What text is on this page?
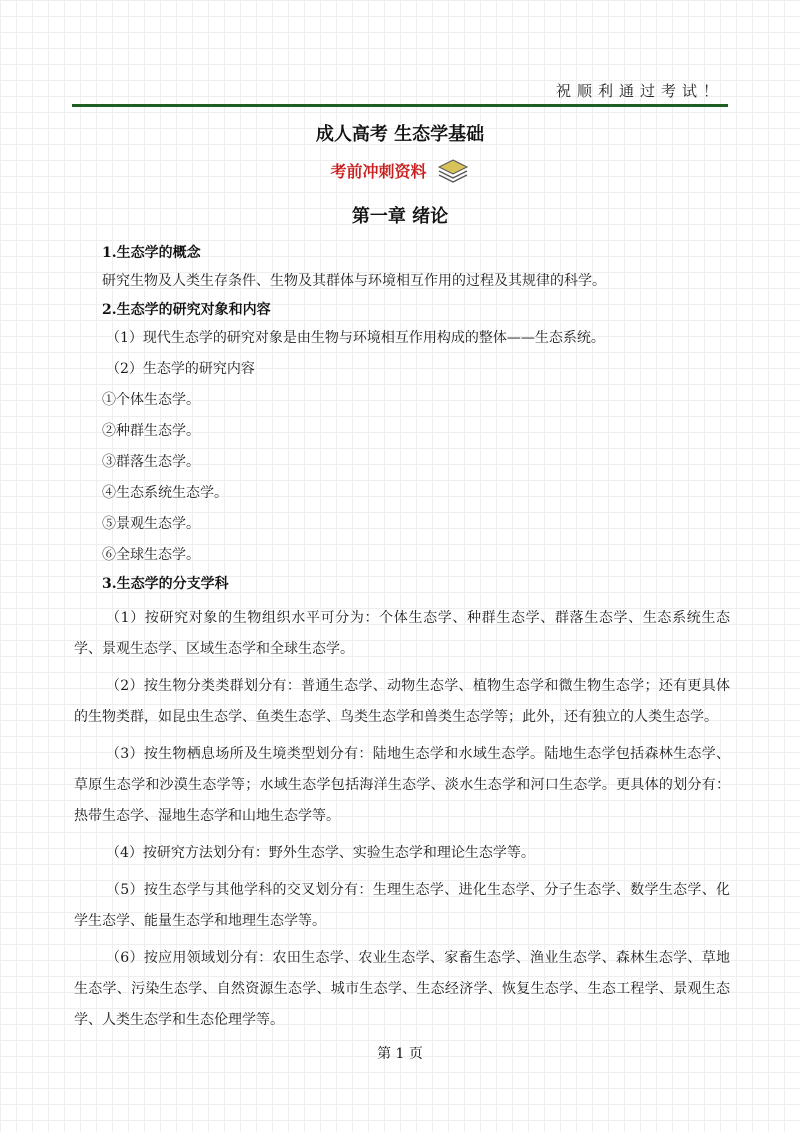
祝顺利通过考试！
成人高考 生态学基础
考前冲刺资料
第一章 绪论

1.生态学的概念

研究生物及人类生存条件、生物及其群体与环境相互作用的过程及其规律的科学。

2.生态学的研究对象和内容

（1）现代生态学的研究对象是由生物与环境相互作用构成的整体——生态系统。

（2）生态学的研究内容

①个体生态学。

②种群生态学。

③群落生态学。

④生态系统生态学。

⑤景观生态学。

⑥全球生态学。

3.生态学的分支学科

（1）按研究对象的生物组织水平可分为：个体生态学、种群生态学、群落生态学、生态系统生态学、景观生态学、区域生态学和全球生态学。

（2）按生物分类类群划分有：普通生态学、动物生态学、植物生态学和微生物生态学；还有更具体的生物类群，如昆虫生态学、鱼类生态学、鸟类生态学和兽类生态学等；此外，还有独立的人类生态学。

（3）按生物栖息场所及生境类型划分有：陆地生态学和水域生态学。陆地生态学包括森林生态学、草原生态学和沙漠生态学等；水域生态学包括海洋生态学、淡水生态学和河口生态学。更具体的划分有：热带生态学、湿地生态学和山地生态学等。

（4）按研究方法划分有：野外生态学、实验生态学和理论生态学等。

（5）按生态学与其他学科的交叉划分有：生理生态学、进化生态学、分子生态学、数学生态学、化学生态学、能量生态学和地理生态学等。

（6）按应用领域划分有：农田生态学、农业生态学、家畜生态学、渔业生态学、森林生态学、草地生态学、污染生态学、自然资源生态学、城市生态学、生态经济学、恢复生态学、生态工程学、景观生态学、人类生态学和生态伦理学等。

第 1 页
